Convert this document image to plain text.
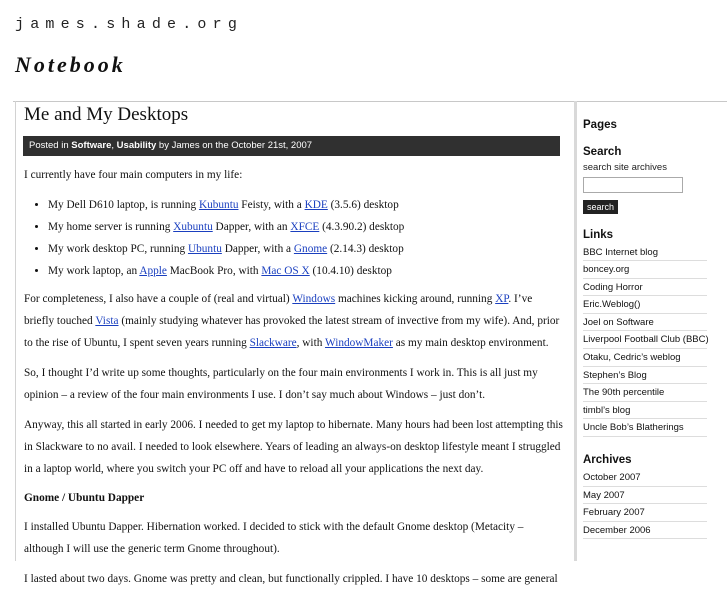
james.shade.org
Notebook
Me and My Desktops
Posted in Software, Usability by James on the October 21st, 2007

I currently have four main computers in my life:

• My Dell D610 laptop, is running Kubuntu Feisty, with a KDE (3.5.6) desktop
• My home server is running Xubuntu Dapper, with an XFCE (4.3.90.2) desktop
• My work desktop PC, running Ubuntu Dapper, with a Gnome (2.14.3) desktop
• My work laptop, an Apple MacBook Pro, with Mac OS X (10.4.10) desktop

For completeness, I also have a couple of (real and virtual) Windows machines kicking around, running XP. I’ve briefly touched Vista (mainly studying whatever has provoked the latest stream of invective from my wife). And, prior to the rise of Ubuntu, I spent seven years running Slackware, with WindowMaker as my main desktop environment.

So, I thought I’d write up some thoughts, particularly on the four main environments I work in. This is all just my opinion – a review of the four main environments I use. I don’t say much about Windows – just don’t.

Anyway, this all started in early 2006. I needed to get my laptop to hibernate. Many hours had been lost attempting this in Slackware to no avail. I needed to look elsewhere. Years of leading an always-on desktop lifestyle meant I struggled in a laptop world, where you switch your PC off and have to reload all your applications the next day.

Gnome / Ubuntu Dapper

I installed Ubuntu Dapper. Hibernation worked. I decided to stick with the default Gnome desktop (Metacity – although I will use the generic term Gnome throughout).

I lasted about two days. Gnome was pretty and clean, but functionally crippled. I have 10 desktops – some are general

Pages
Search
search site archives
search
Links
BBC Internet blog
boncey.org
Coding Horror
Eric.Weblog()
Joel on Software
Liverpool Football Club (BBC)
Otaku, Cedric’s weblog
Stephen’s Blog
The 90th percentile
timbl’s blog
Uncle Bob’s Blatherings
Archives
October 2007
May 2007
February 2007
December 2006
